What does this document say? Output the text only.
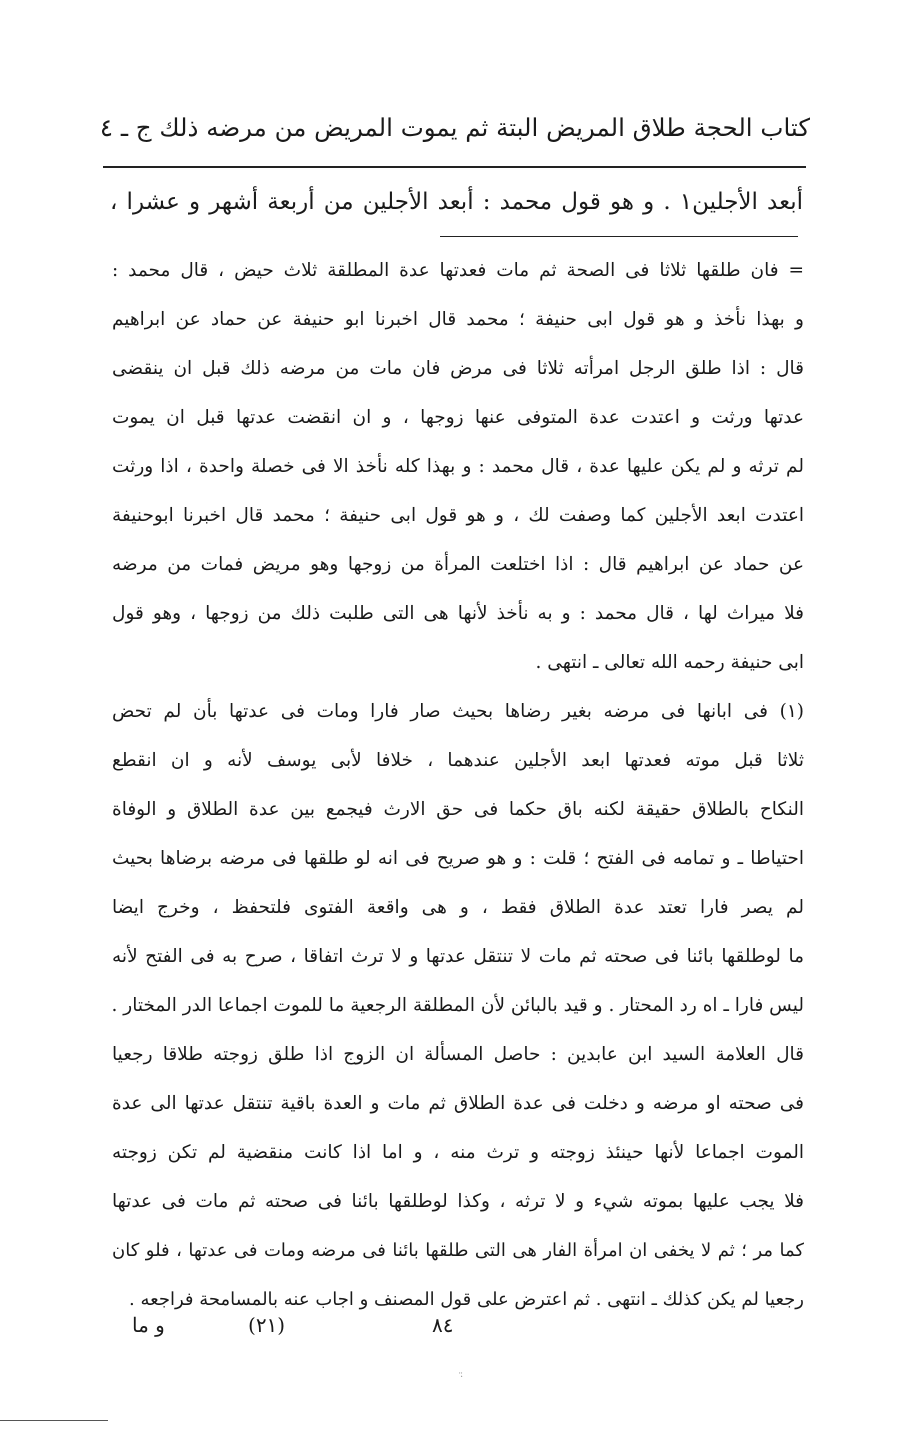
كتاب الحجة طلاق المريض البتة ثم يموت المريض من مرضه ذلك ج ـ ٤
أبعد الأجلين١ . و هو قول محمد : أبعد الأجلين من أربعة أشهر و عشرا ،
= فان طلقها ثلاثا فى الصحة ثم مات فعدتها عدة المطلقة ثلاث حيض ، قال محمد :
و بهذا نأخذ و هو قول ابى حنيفة ؛ محمد قال اخبرنا ابو حنيفة عن حماد عن ابراهيم
قال : اذا طلق الرجل امرأته ثلاثا فى مرض فان مات من مرضه ذلك قبل ان ينقضى
عدتها ورثت و اعتدت عدة المتوفى عنها زوجها ، و ان انقضت عدتها قبل ان يموت
لم ترثه و لم يكن عليها عدة ، قال محمد : و بهذا كله نأخذ الا فى خصلة واحدة ، اذا ورثت
اعتدت ابعد الأجلين كما وصفت لك ، و هو قول ابى حنيفة ؛ محمد قال اخبرنا ابوحنيفة
عن حماد عن ابراهيم قال : اذا اختلعت المرأة من زوجها وهو مريض فمات من مرضه
فلا ميراث لها ، قال محمد : و به نأخذ لأنها هى التى طلبت ذلك من زوجها ، وهو قول
ابى حنيفة رحمه الله تعالى ـ انتهى .
(١) فى ابانها فى مرضه بغير رضاها بحيث صار فارا ومات فى عدتها بأن لم تحض
ثلاثا قبل موته فعدتها ابعد الأجلين عندهما ، خلافا لأبى يوسف لأنه و ان انقطع
النكاح بالطلاق حقيقة لكنه باق حكما فى حق الارث فيجمع بين عدة الطلاق و الوفاة
احتياطا ـ و تمامه فى الفتح ؛ قلت : و هو صريح فى انه لو طلقها فى مرضه برضاها بحيث
لم يصر فارا تعتد عدة الطلاق فقط ، و هى واقعة الفتوى فلتحفظ ، وخرج ايضا
ما لوطلقها بائنا فى صحته ثم مات لا تنتقل عدتها و لا ترث اتفاقا ، صرح به فى الفتح لأنه
ليس فارا ـ اه رد المحتار . و قيد بالبائن لأن المطلقة الرجعية ما للموت اجماعا الدر المختار .
قال العلامة السيد ابن عابدين : حاصل المسألة ان الزوج اذا طلق زوجته طلاقا رجعيا
فى صحته او مرضه و دخلت فى عدة الطلاق ثم مات و العدة باقية تنتقل عدتها الى عدة
الموت اجماعا لأنها حينئذ زوجته و ترث منه ، و اما اذا كانت منقضية لم تكن زوجته
فلا يجب عليها بموته شيء و لا ترثه ، وكذا لوطلقها بائنا فى صحته ثم مات فى عدتها
كما مر ؛ ثم لا يخفى ان امرأة الفار هى التى طلقها بائنا فى مرضه ومات فى عدتها ، فلو كان
رجعيا لم يكن كذلك ـ انتهى . ثم اعترض على قول المصنف و اجاب عنه بالمسامحة فراجعه .
٨٤
(٢١)
و ما
·̈
